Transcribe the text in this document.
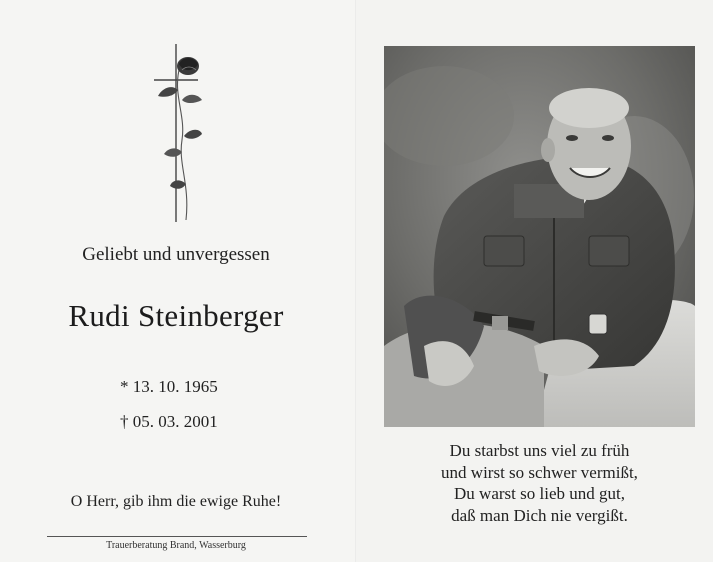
Geliebt und unvergessen
Rudi Steinberger
* 13. 10. 1965
† 05. 03. 2001
O Herr, gib ihm die ewige Ruhe!
Trauerberatung Brand, Wasserburg
Du starbst uns viel zu früh
und wirst so schwer vermißt,
Du warst so lieb und gut,
daß man Dich nie vergißt.
